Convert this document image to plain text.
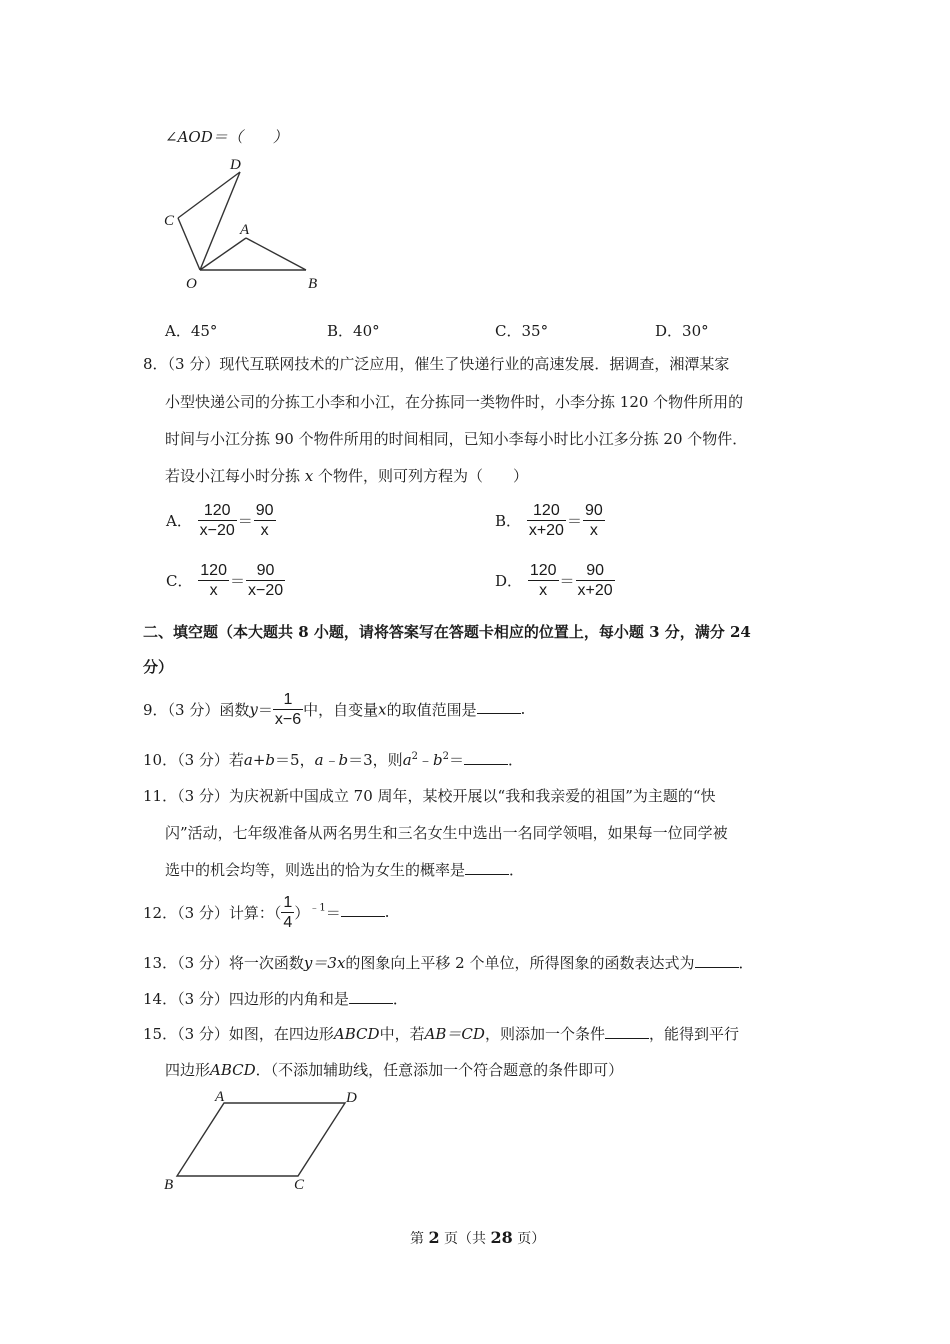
∠AOD＝（　　）
D
C
A
O	B
A．45°	B．40°	C．35°	D．30°
8．（3 分）现代互联网技术的广泛应用，催生了快递行业的高速发展．据调查，湘潭某家
小型快递公司的分拣工小李和小江，在分拣同一类物件时，小李分拣 120 个物件所用的
时间与小江分拣 90 个物件所用的时间相同，已知小李每小时比小江多分拣 20 个物件．
若设小江每小时分拣 x 个物件，则可列方程为（　　）
A． $\frac{120}{x-20} = \frac{90}{x}$	B． $\frac{120}{x+20} = \frac{90}{x}$
C． $\frac{120}{x} = \frac{90}{x-20}$	D． $\frac{120}{x} = \frac{90}{x+20}$
二、填空题（本大题共 8 小题，请将答案写在答题卡相应的位置上，每小题 3 分，满分 24
分）
9．（3 分）函数$y= \frac{1}{x-6}$ 中，自变量x的取值范围是	．
10．（3 分）若a+b＝5，a﹣b＝3，则$a^2﹣b^2=$	．
11．（3 分）为庆祝新中国成立 70 周年，某校开展以“我和我亲爱的祖国”为主题的“快
闪”活动，七年级准备从两名男生和三名女生中选出一名同学领唱，如果每一位同学被
选中的机会均等，则选出的恰为女生的概率是	．
12．（3 分）计算：（ $\frac{1}{4} )^{﹣1}=$	．
13．（3 分）将一次函数y＝3x的图象向上平移 2 个单位，所得图象的函数表达式为	．
14．（3 分）四边形的内角和是	．
15．（3 分）如图，在四边形ABCD中，若AB＝CD，则添加一个条件	，能得到平行
四边形ABCD．（不添加辅助线，任意添加一个符合题意的条件即可）
A	D
B	C
第 2 页（共 28 页）
